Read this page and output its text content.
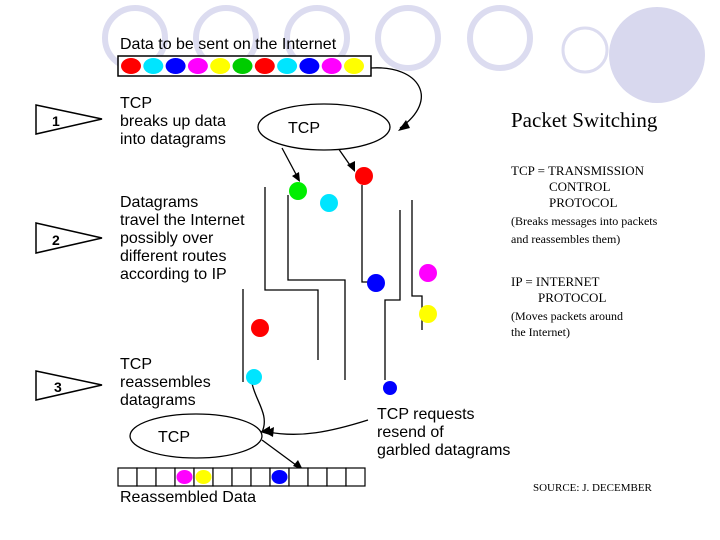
Data to be sent on the Internet
Packet Switching
1
2
3
TCP
breaks up data
into datagrams
Datagrams
travel the Internet
possibly over
different routes
according to IP
TCP
reassembles
datagrams
TCP
TCP
TCP requests
resend of
garbled datagrams
Reassembled Data
TCP = TRANSMISSION
CONTROL
PROTOCOL
(Breaks messages into packets
and reassembles them)
IP = INTERNET
PROTOCOL
(Moves packets around
the Internet)
SOURCE: J. DECEMBER
